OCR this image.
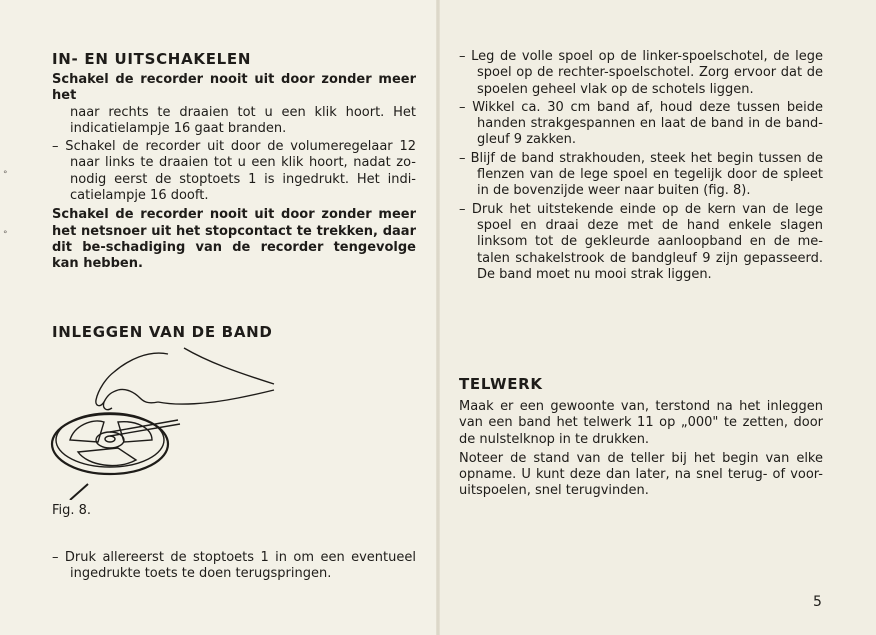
°
°
IN- EN UITSCHAKELEN

Schakel de recorder nooit uit door zonder meer het

naar rechts te draaien tot u een klik hoort. Het indicatielampje 16 gaat branden.

– Schakel de recorder uit door de volumeregelaar 12 naar links te draaien tot u een klik hoort, nadat zo-nodig eerst de stoptoets 1 is ingedrukt. Het indi-catielampje 16 dooft.

Schakel de recorder nooit uit door zonder meer het netsnoer uit het stopcontact te trekken, daar dit be-schadiging van de recorder tengevolge kan hebben.

INLEGGEN VAN DE BAND
Fig. 8.

– Druk allereerst de stoptoets 1 in om een eventueel ingedrukte toets te doen terugspringen.

– Leg de volle spoel op de linker-spoelschotel, de lege spoel op de rechter-spoelschotel. Zorg ervoor dat de spoelen geheel vlak op de schotels liggen.

– Wikkel ca. 30 cm band af, houd deze tussen beide handen strakgespannen en laat de band in de band-gleuf 9 zakken.

– Blijf de band strakhouden, steek het begin tussen de flenzen van de lege spoel en tegelijk door de spleet in de bovenzijde weer naar buiten (fig. 8).

– Druk het uitstekende einde op de kern van de lege spoel en draai deze met de hand enkele slagen linksom tot de gekleurde aanloopband en de me-talen schakelstrook de bandgleuf 9 zijn gepasseerd. De band moet nu mooi strak liggen.

TELWERK

Maak er een gewoonte van, terstond na het inleggen van een band het telwerk 11 op „000" te zetten, door de nulstelknop in te drukken.

Noteer de stand van de teller bij het begin van elke opname. U kunt deze dan later, na snel terug- of voor-uitspoelen, snel terugvinden.

5
